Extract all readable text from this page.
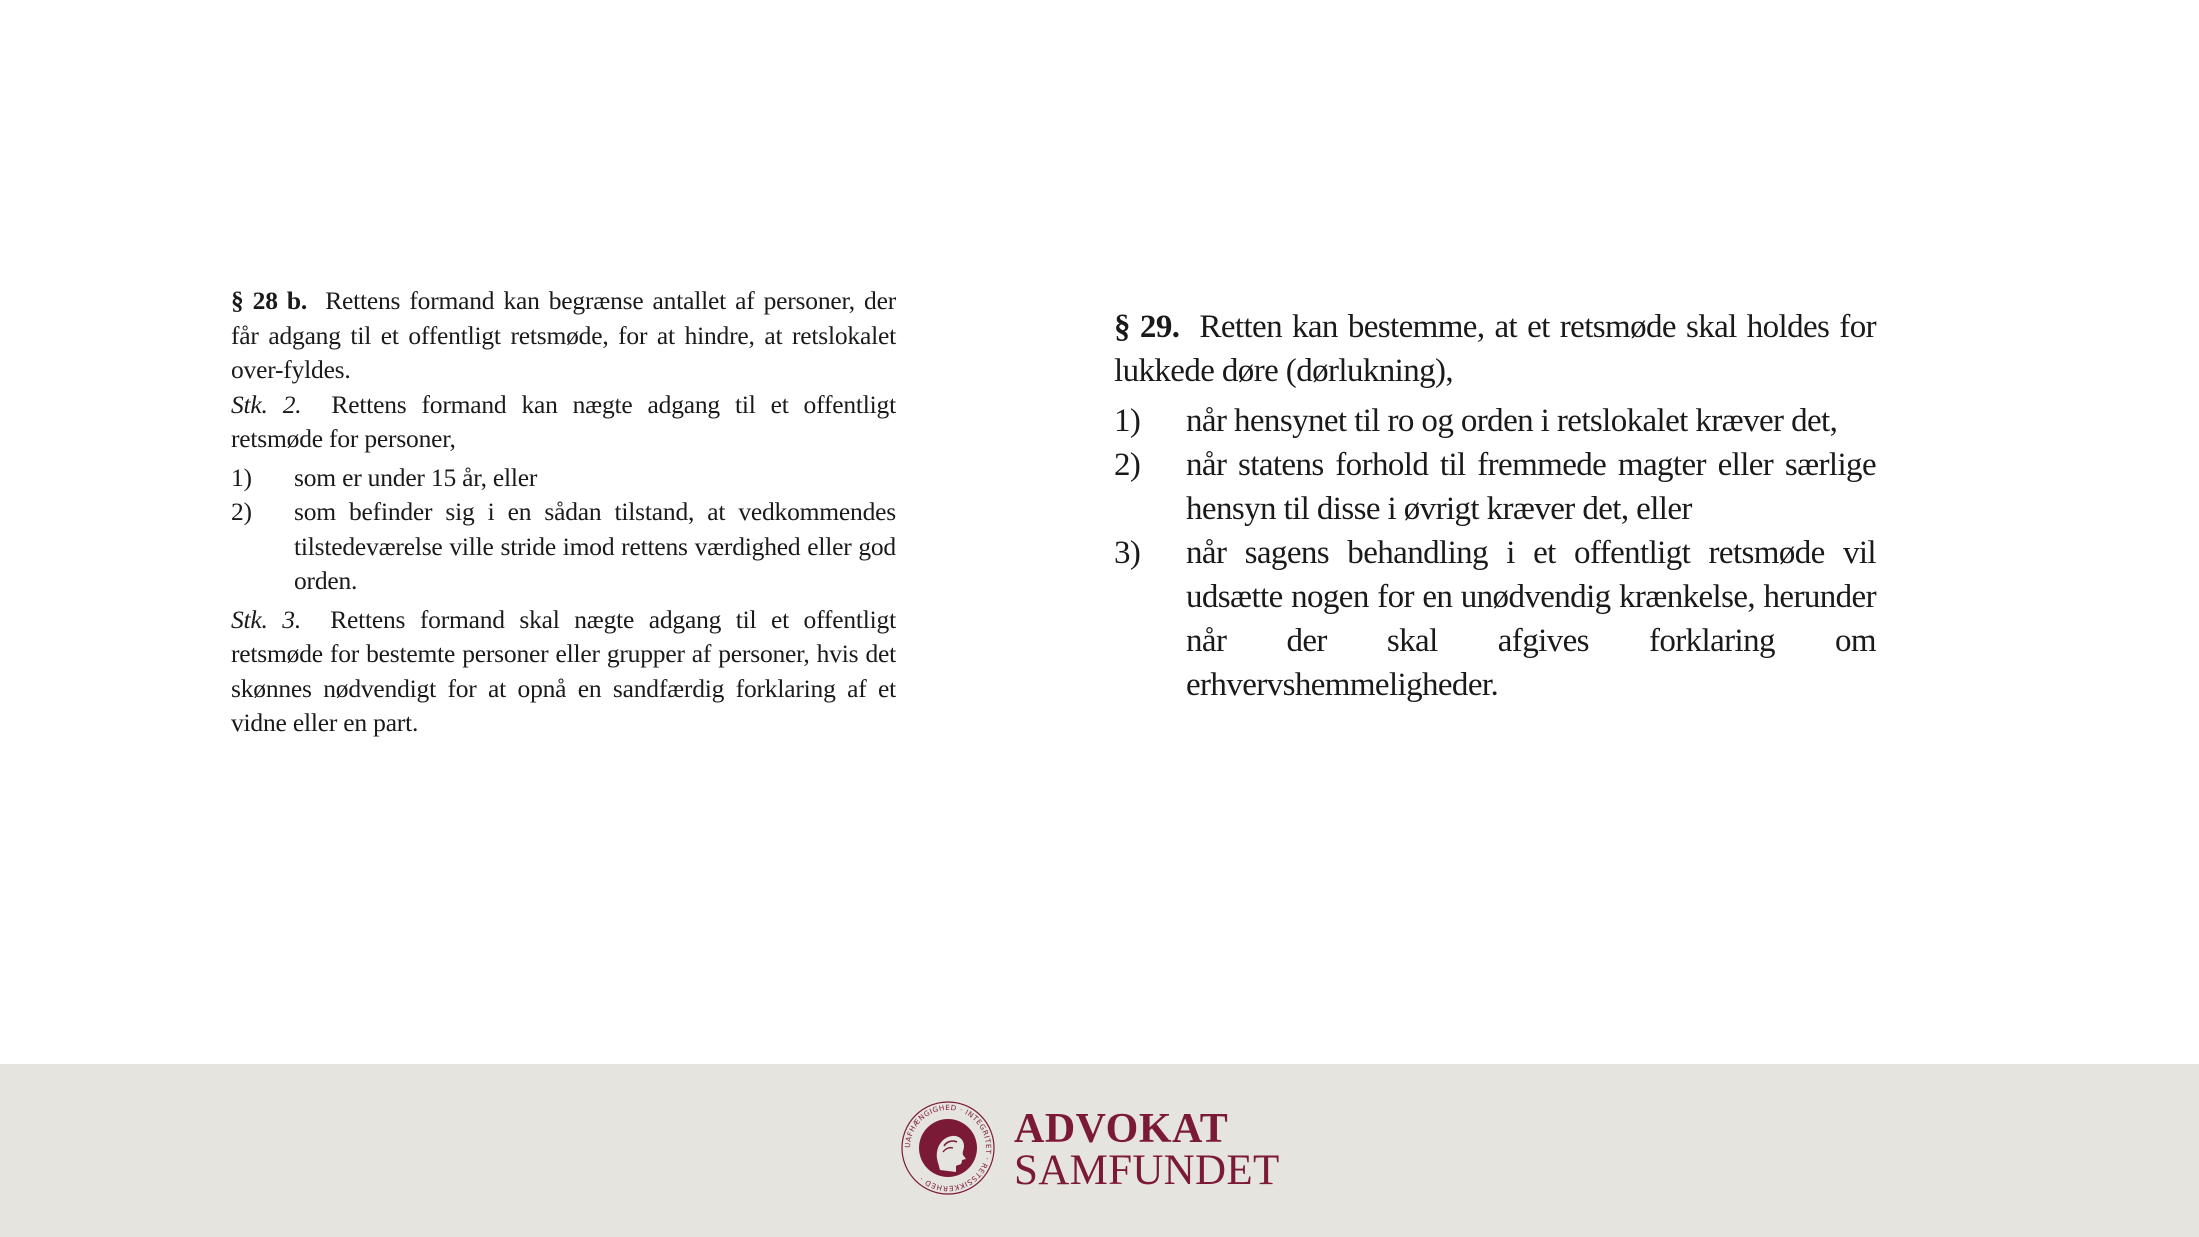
§ 28 b. Rettens formand kan begrænse antallet af personer, der får adgang til et offentligt retsmøde, for at hindre, at retslokalet over-fyldes.

Stk. 2. Rettens formand kan nægte adgang til et offentligt retsmøde for personer,

1)	som er under 15 år, eller
2)	som befinder sig i en sådan tilstand, at vedkommendes tilstedeværelse ville stride imod rettens værdighed eller god orden.

Stk. 3. Rettens formand skal nægte adgang til et offentligt retsmøde for bestemte personer eller grupper af personer, hvis det skønnes nødvendigt for at opnå en sandfærdig forklaring af et vidne eller en part.

§ 29. Retten kan bestemme, at et retsmøde skal holdes for lukkede døre (dørlukning),

1)	når hensynet til ro og orden i retslokalet kræver det,
2)	når statens forhold til fremmede magter eller særlige hensyn til disse i øvrigt kræver det, eller
3)	når sagens behandling i et offentligt retsmøde vil udsætte nogen for en unødvendig krænkelse, herunder når der skal afgives forklaring om erhvervshemmeligheder.
UAFHÆNGIGHED · INTEGRITET · RETSSIKKERHED ·
ADVOKAT
SAMFUNDET
